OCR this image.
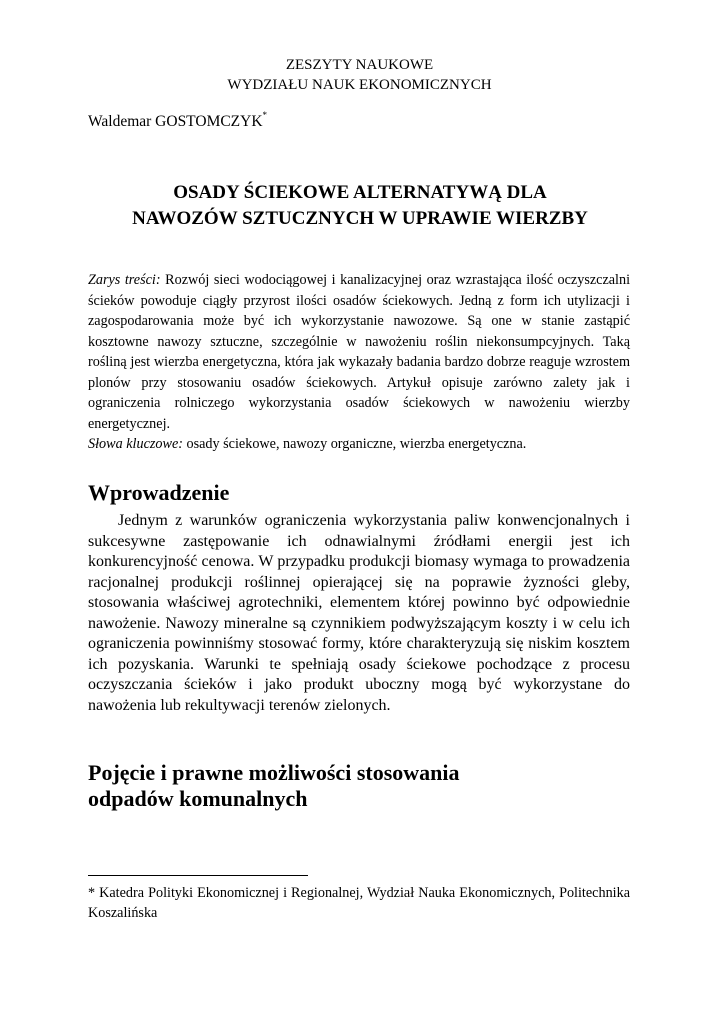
ZESZYTY NAUKOWE
WYDZIAŁU NAUK EKONOMICZNYCH
Waldemar GOSTOMCZYK*
OSADY ŚCIEKOWE ALTERNATYWĄ DLA
NAWOZÓW SZTUCZNYCH W UPRAWIE WIERZBY
Zarys treści: Rozwój sieci wodociągowej i kanalizacyjnej oraz wzrastająca ilość oczyszczalni ścieków powoduje ciągły przyrost ilości osadów ściekowych. Jedną z form ich utylizacji i zagospodarowania może być ich wykorzystanie nawozowe. Są one w stanie zastąpić kosztowne nawozy sztuczne, szczególnie w nawożeniu roślin niekonsumpcyjnych. Taką rośliną jest wierzba energetyczna, która jak wykazały badania bardzo dobrze reaguje wzrostem plonów przy stosowaniu osadów ściekowych. Artykuł opisuje zarówno zalety jak i ograniczenia rolniczego wykorzystania osadów ściekowych w nawożeniu wierzby energetycznej.
Słowa kluczowe: osady ściekowe, nawozy organiczne, wierzba energetyczna.
Wprowadzenie
Jednym z warunków ograniczenia wykorzystania paliw konwencjonalnych i sukcesywne zastępowanie ich odnawialnymi źródłami energii jest ich konkurencyjność cenowa. W przypadku produkcji biomasy wymaga to prowadzenia racjonalnej produkcji roślinnej opierającej się na poprawie żyzności gleby, stosowania właściwej agrotechniki, elementem której powinno być odpowiednie nawożenie. Nawozy mineralne są czynnikiem podwyższającym koszty i w celu ich ograniczenia powinniśmy stosować formy, które charakteryzują się niskim kosztem ich pozyskania. Warunki te spełniają osady ściekowe pochodzące z procesu oczyszczania ścieków i jako produkt uboczny mogą być wykorzystane do nawożenia lub rekultywacji terenów zielonych.
Pojęcie i prawne możliwości stosowania
odpadów komunalnych
* Katedra Polityki Ekonomicznej i Regionalnej, Wydział Nauka Ekonomicznych, Politechnika Koszalińska
